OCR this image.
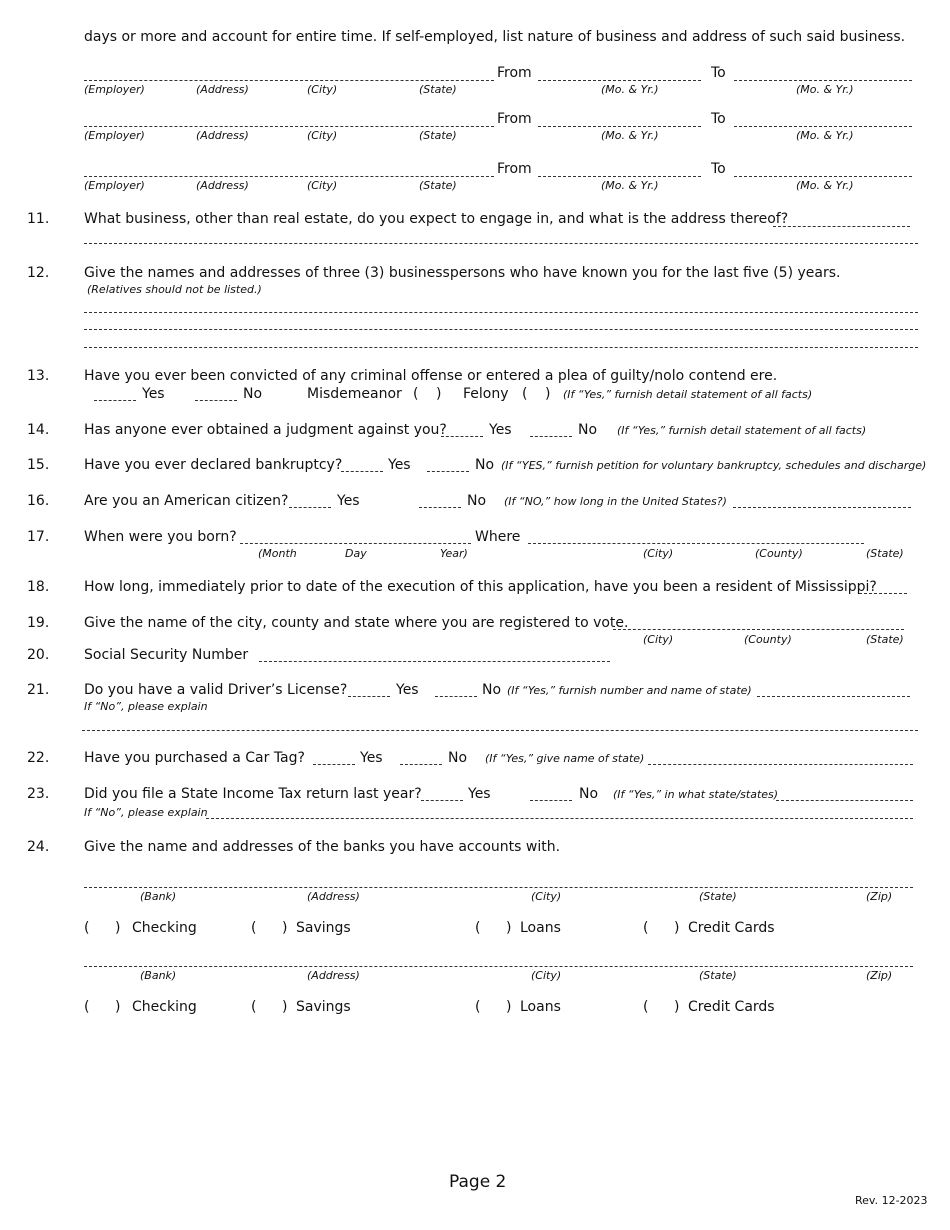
days or more and account for entire time. If self-employed, list nature of business and address of such said business.
From	To
(Employer)	(Address)	(City)	(State)	(Mo. & Yr.)	(Mo. & Yr.)
From	To
(Employer)	(Address)	(City)	(State)	(Mo. & Yr.)	(Mo. & Yr.)
From	To
(Employer)	(Address)	(City)	(State)	(Mo. & Yr.)	(Mo. & Yr.)
11. What business, other than real estate, do you expect to engage in, and what is the address thereof?
12. Give the names and addresses of three (3) businesspersons who have known you for the last five (5) years.
(Relatives should not be listed.)
13. Have you ever been convicted of any criminal offense or entered a plea of guilty/nolo contend ere.
Yes	No	Misdemeanor ( ) Felony ( ) (If “Yes,” furnish detail statement of all facts)
14. Has anyone ever obtained a judgment against you?	Yes	No (If “Yes,” furnish detail statement of all facts)
15. Have you ever declared bankruptcy?	Yes	No (If “YES,” furnish petition for voluntary bankruptcy, schedules and discharge)
16. Are you an American citizen?	Yes	No (If “NO,” how long in the United States?)
17. When were you born?	Where
(Month	Day	Year)	(City)	(County)	(State)
18. How long, immediately prior to date of the execution of this application, have you been a resident of Mississippi?
19. Give the name of the city, county and state where you are registered to vote.
(City)	(County)	(State)
20. Social Security Number
21. Do you have a valid Driver’s License?	Yes	No (If “Yes,” furnish number and name of state)
If “No”, please explain
22. Have you purchased a Car Tag?	Yes	No (If “Yes,” give name of state)
23. Did you file a State Income Tax return last year?	Yes	No (If “Yes,” in what state/states)
If “No”, please explain
24. Give the name and addresses of the banks you have accounts with.
(Bank)	(Address)	(City)	(State)	(Zip)
( ) Checking	( ) Savings	( ) Loans	( ) Credit Cards
(Bank)	(Address)	(City)	(State)	(Zip)
( ) Checking	( ) Savings	( ) Loans	( ) Credit Cards
Page 2
Rev. 12-2023
